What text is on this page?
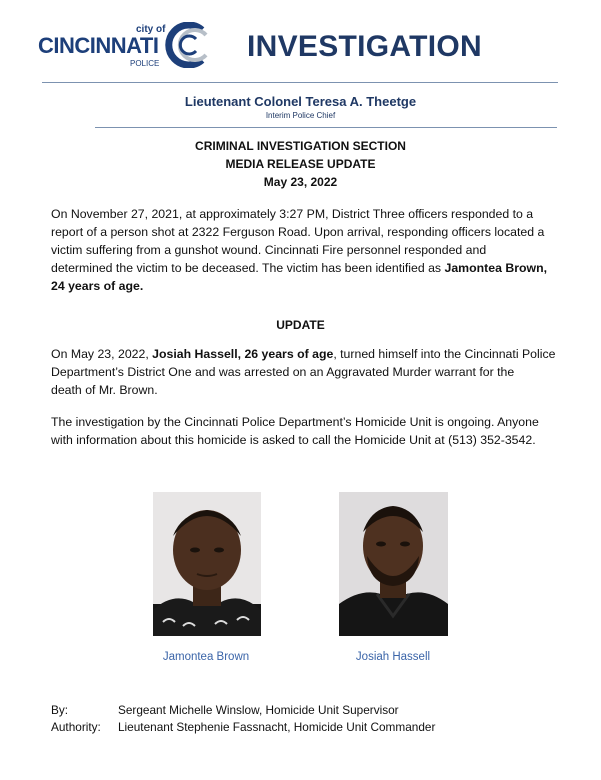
city of
CINCINNATI
POLICE
INVESTIGATION
Lieutenant Colonel Teresa A. Theetge
Interim Police Chief
CRIMINAL INVESTIGATION SECTION
MEDIA RELEASE UPDATE
May 23, 2022
On November 27, 2021, at approximately 3:27 PM, District Three officers responded to a
report of a person shot at 2322 Ferguson Road. Upon arrival, responding officers located a
victim suffering from a gunshot wound. Cincinnati Fire personnel responded and
determined the victim to be deceased. The victim has been identified as Jamontea Brown,
24 years of age.
UPDATE
On May 23, 2022, Josiah Hassell, 26 years of age, turned himself into the Cincinnati Police
Department’s District One and was arrested on an Aggravated Murder warrant for the
death of Mr. Brown.
The investigation by the Cincinnati Police Department’s Homicide Unit is ongoing. Anyone
with information about this homicide is asked to call the Homicide Unit at (513) 352-3542.
Jamontea Brown	Josiah Hassell
By:	Sergeant Michelle Winslow, Homicide Unit Supervisor
Authority: Lieutenant Stephenie Fassnacht, Homicide Unit Commander
